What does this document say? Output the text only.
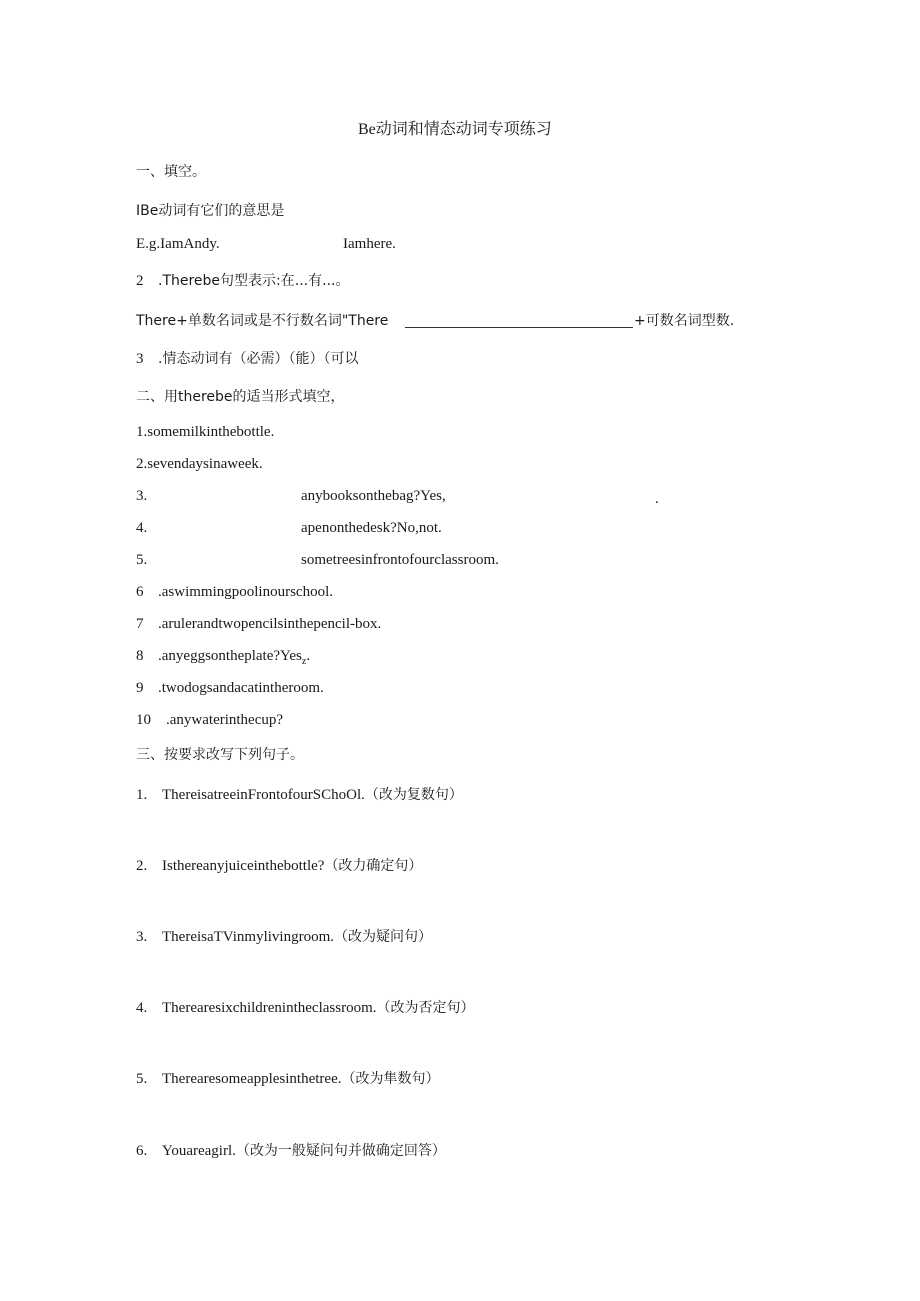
Be动词和情态动词专项练习
一、填空。
IBe动词有它们的意思是
E.g.IamAndy.	Iamhere.
2 .Therebe句型表示:在...有...。
There+单数名词或是不行数名词"There	+可数名词型数.
3 .情态动词有（必需）（能）（可以
二、用therebe的适当形式填空，
1.somemilkinthebottle.
2.sevendaysinaweek.
3.	anybooksonthebag?Yes,	.
4.	apenonthedesk?No,not.
5.	sometreesinfrontofourclassroom.
6 .aswimmingpoolinourschool.
7 .arulerandtwopencilsinthepencil-box.
8 .anyeggsontheplate?Yes$_z$.
9 .twodogsandacatintheroom.
10 .anywaterinthecup?
三、按要求改写下列句子。
1. ThereisatreeinFrontofourSChoOl.（改为复数句）
2. Isthereanyjuiceinthebottle?（改力确定句）
3. ThereisaTVinmylivingroom.（改为疑问句）
4. Therearesixchildrenintheclassroom.（改为否定句）
5. Therearesomeapplesinthetree.（改为隼数句）
6. Youareagirl.（改为一般疑问句并做确定回答）
